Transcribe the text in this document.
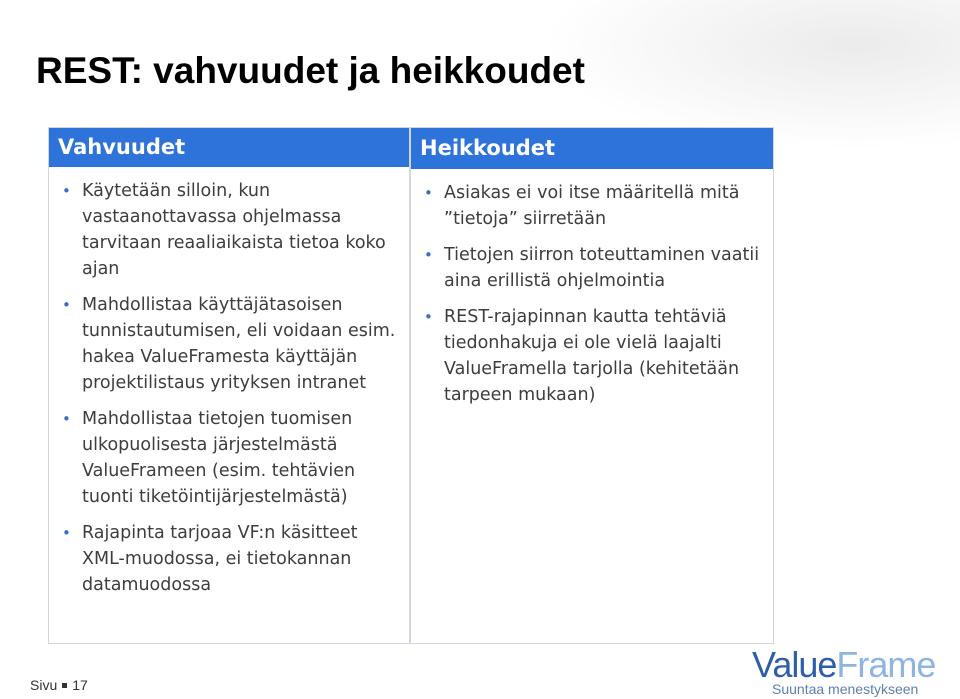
REST: vahvuudet ja heikkoudet
Vahvuudet
• Käytetään silloin, kun vastaanottavassa ohjelmassa tarvitaan reaaliaikaista tietoa koko ajan
• Mahdollistaa käyttäjätasoisen tunnistautumisen, eli voidaan esim. hakea ValueFramesta käyttäjän projektilistaus yrityksen intranet
• Mahdollistaa tietojen tuomisen ulkopuolisesta järjestelmästä ValueFrameen (esim. tehtävien tuonti tiketöintijärjestelmästä)
• Rajapinta tarjoaa VF:n käsitteet XML-muodossa, ei tietokannan datamuodossa
Heikkoudet
• Asiakas ei voi itse määritellä mitä ”tietoja” siirretään
• Tietojen siirron toteuttaminen vaatii aina erillistä ohjelmointia
• REST-rajapinnan kautta tehtäviä tiedonhakuja ei ole vielä laajalti ValueFramella tarjolla (kehitetään tarpeen mukaan)
Sivu 17	ValueFrame
Suuntaa menestykseen
